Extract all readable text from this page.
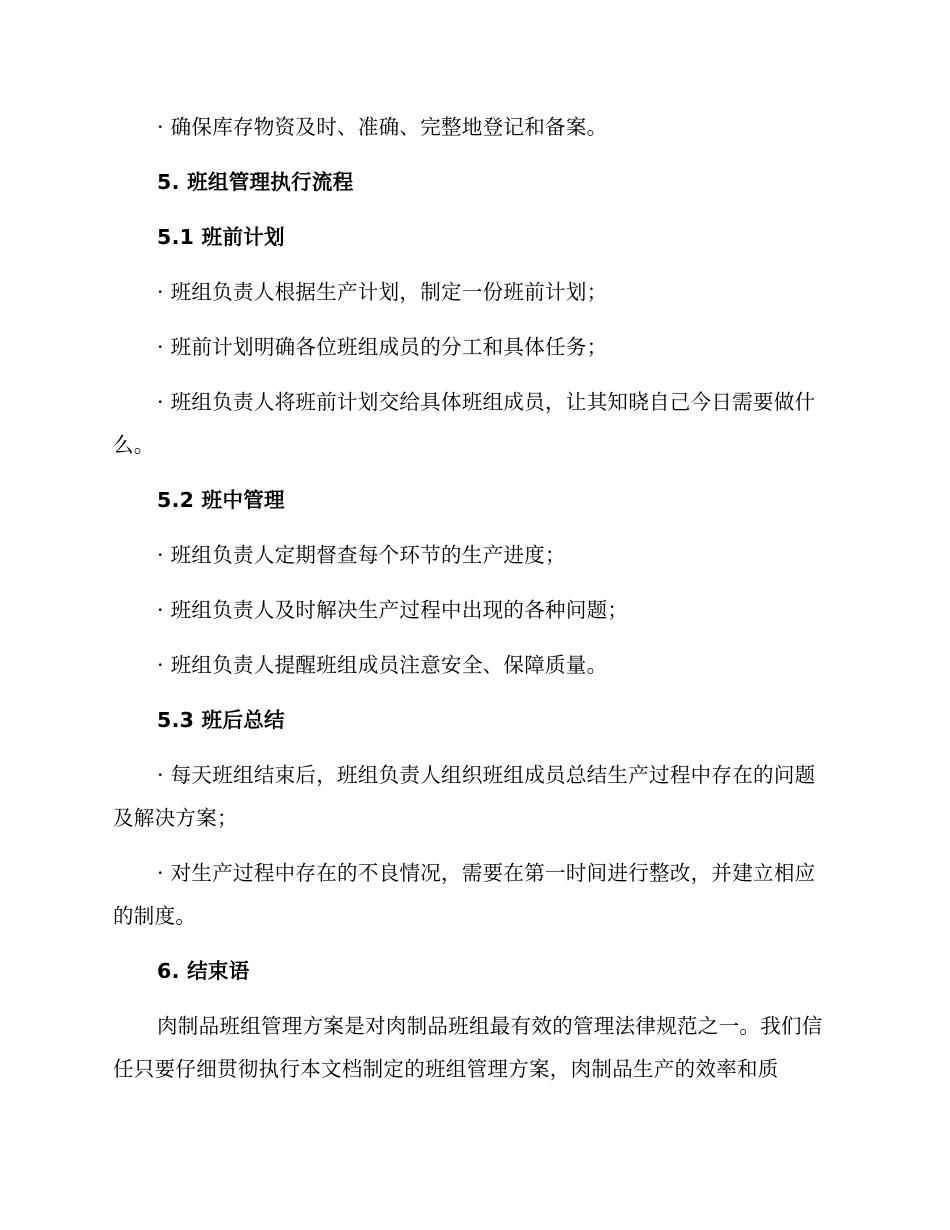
· 确保库存物资及时、准确、完整地登记和备案。

5. 班组管理执行流程

5.1 班前计划

· 班组负责人根据生产计划，制定一份班前计划；

· 班前计划明确各位班组成员的分工和具体任务；

· 班组负责人将班前计划交给具体班组成员，让其知晓自己今日需要做什么。

5.2 班中管理

· 班组负责人定期督查每个环节的生产进度；

· 班组负责人及时解决生产过程中出现的各种问题；

· 班组负责人提醒班组成员注意安全、保障质量。

5.3 班后总结

· 每天班组结束后，班组负责人组织班组成员总结生产过程中存在的问题及解决方案；

· 对生产过程中存在的不良情况，需要在第一时间进行整改，并建立相应的制度。

6. 结束语

肉制品班组管理方案是对肉制品班组最有效的管理法律规范之一。我们信任只要仔细贯彻执行本文档制定的班组管理方案，肉制品生产的效率和质
